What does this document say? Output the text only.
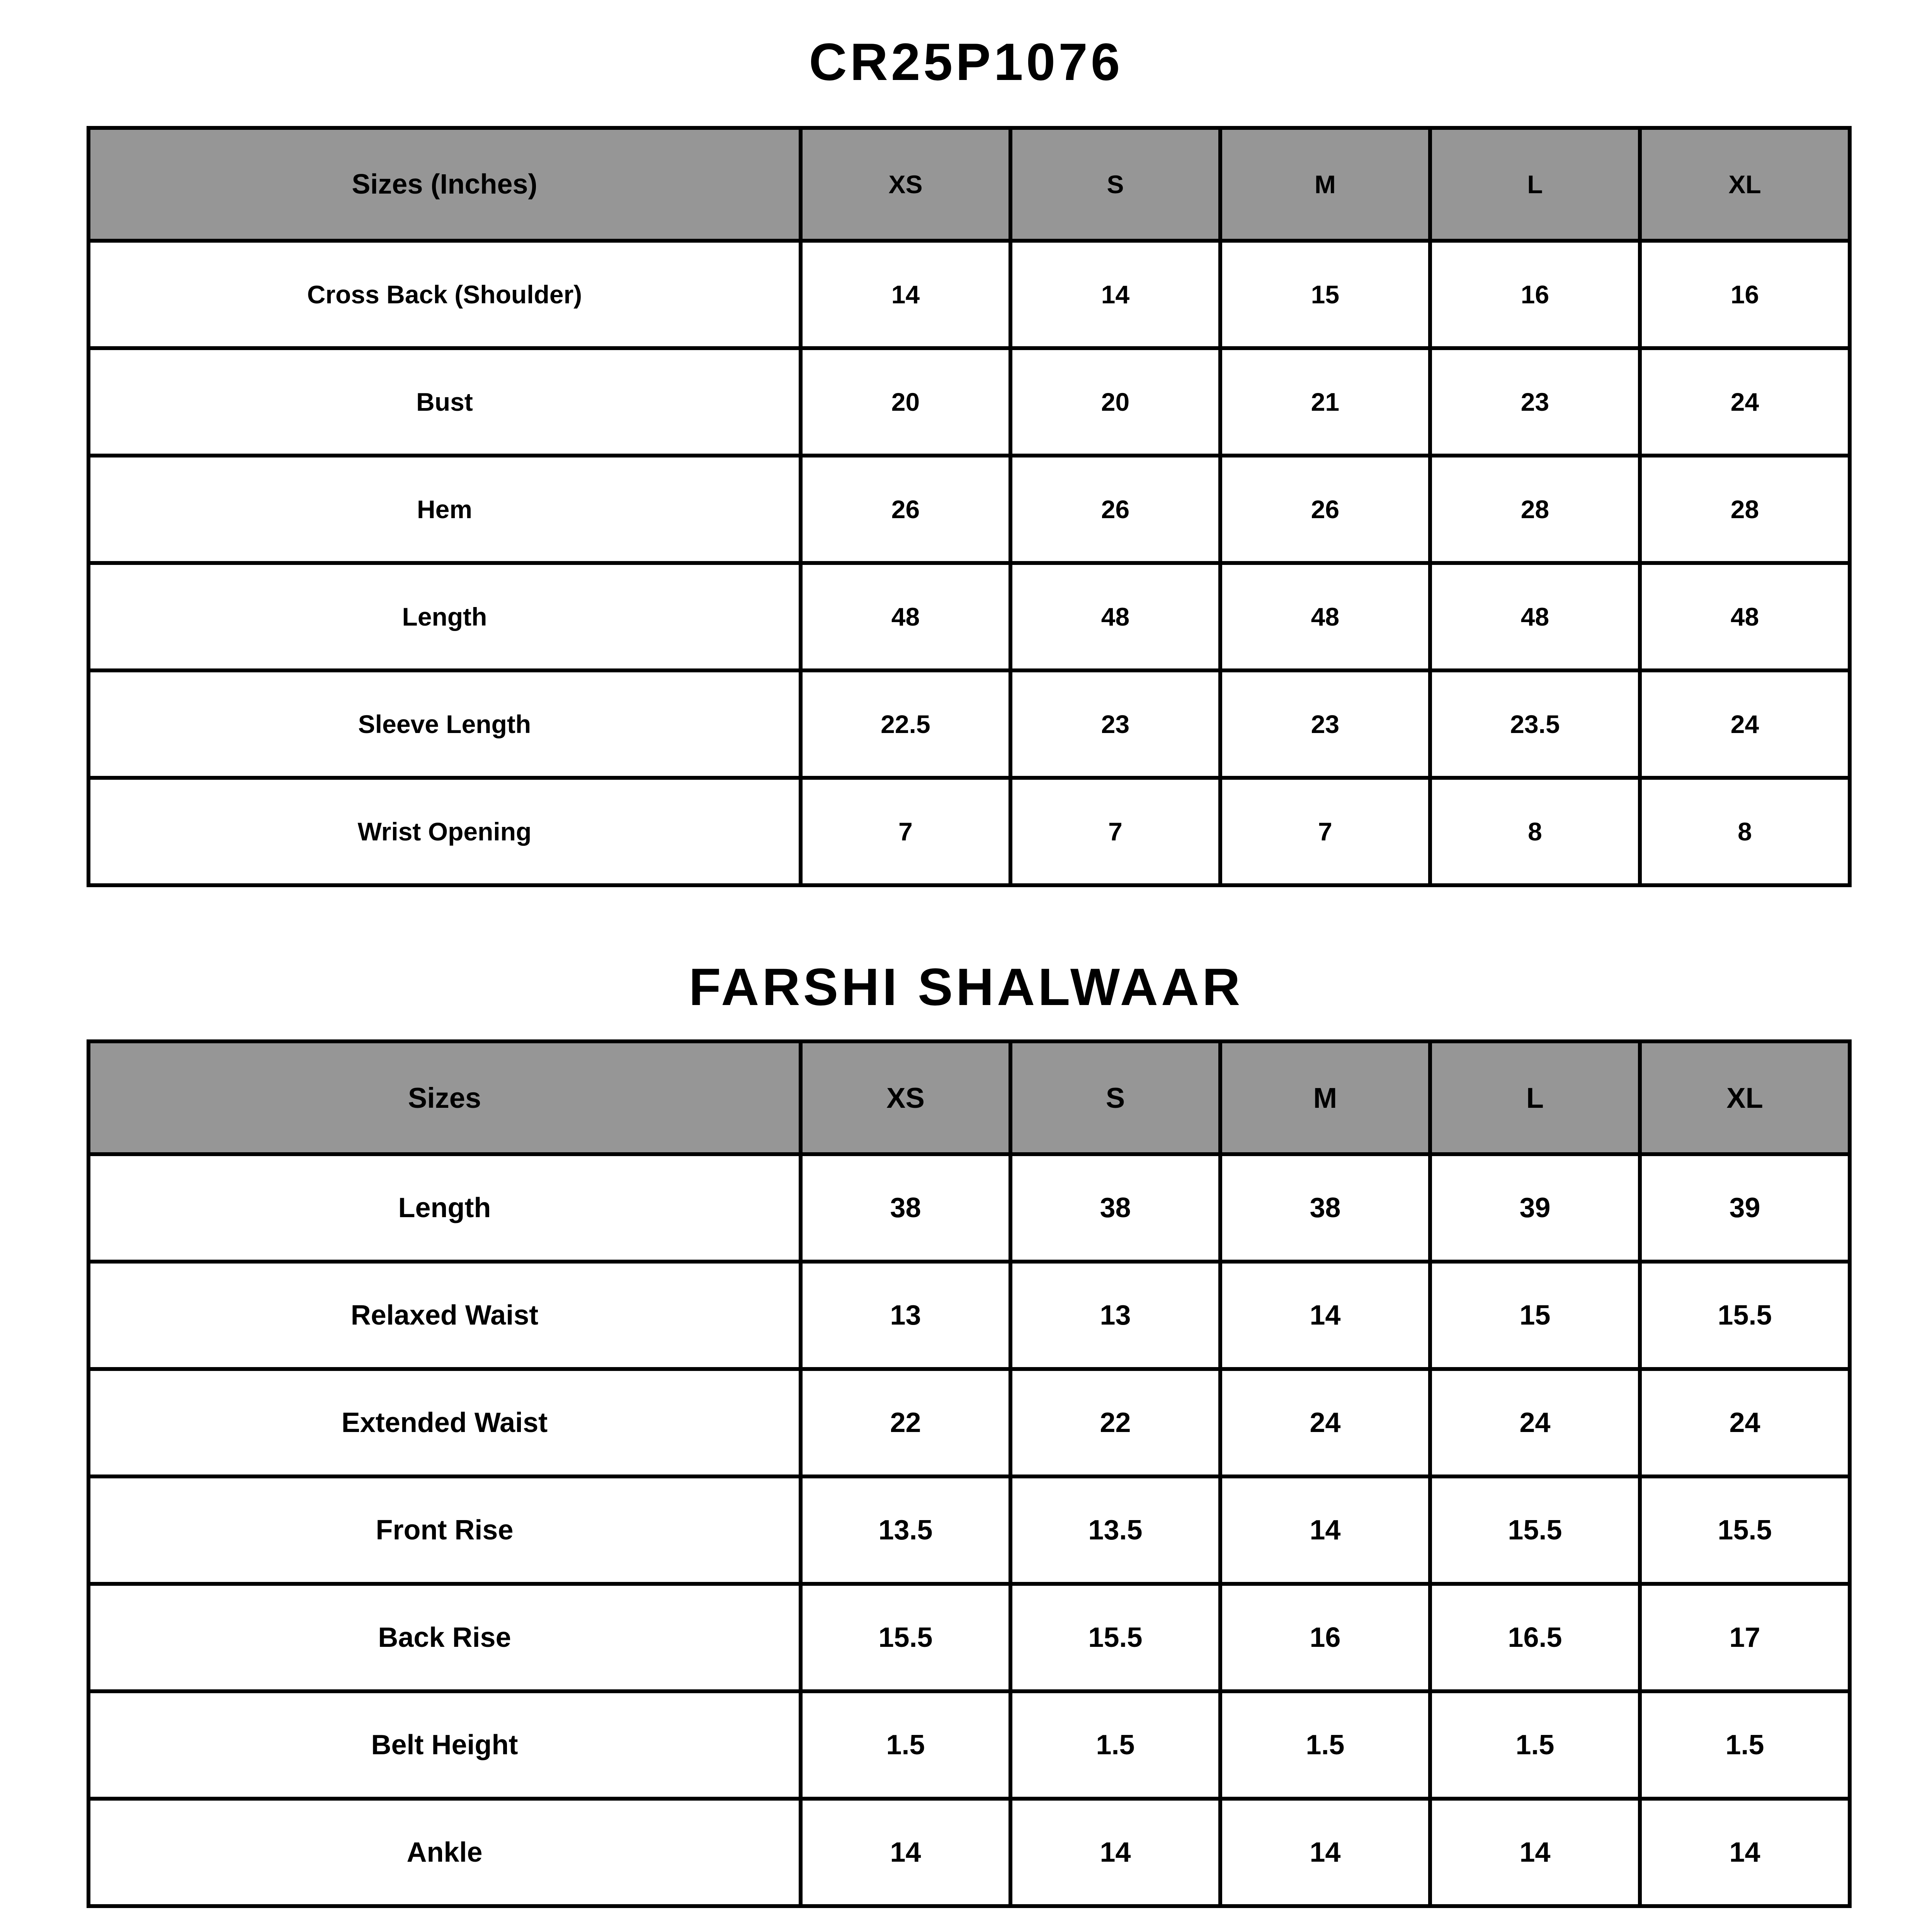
CR25P1076
Sizes (Inches)	XS	S	M	L	XL
Cross Back (Shoulder)	14	14	15	16	16
Bust	20	20	21	23	24
Hem	26	26	26	28	28
Length	48	48	48	48	48
Sleeve Length	22.5	23	23	23.5	24
Wrist Opening	7	7	7	8	8
FARSHI SHALWAAR
Sizes	XS	S	M	L	XL
Length	38	38	38	39	39
Relaxed Waist	13	13	14	15	15.5
Extended Waist	22	22	24	24	24
Front Rise	13.5	13.5	14	15.5	15.5
Back Rise	15.5	15.5	16	16.5	17
Belt Height	1.5	1.5	1.5	1.5	1.5
Ankle	14	14	14	14	14
